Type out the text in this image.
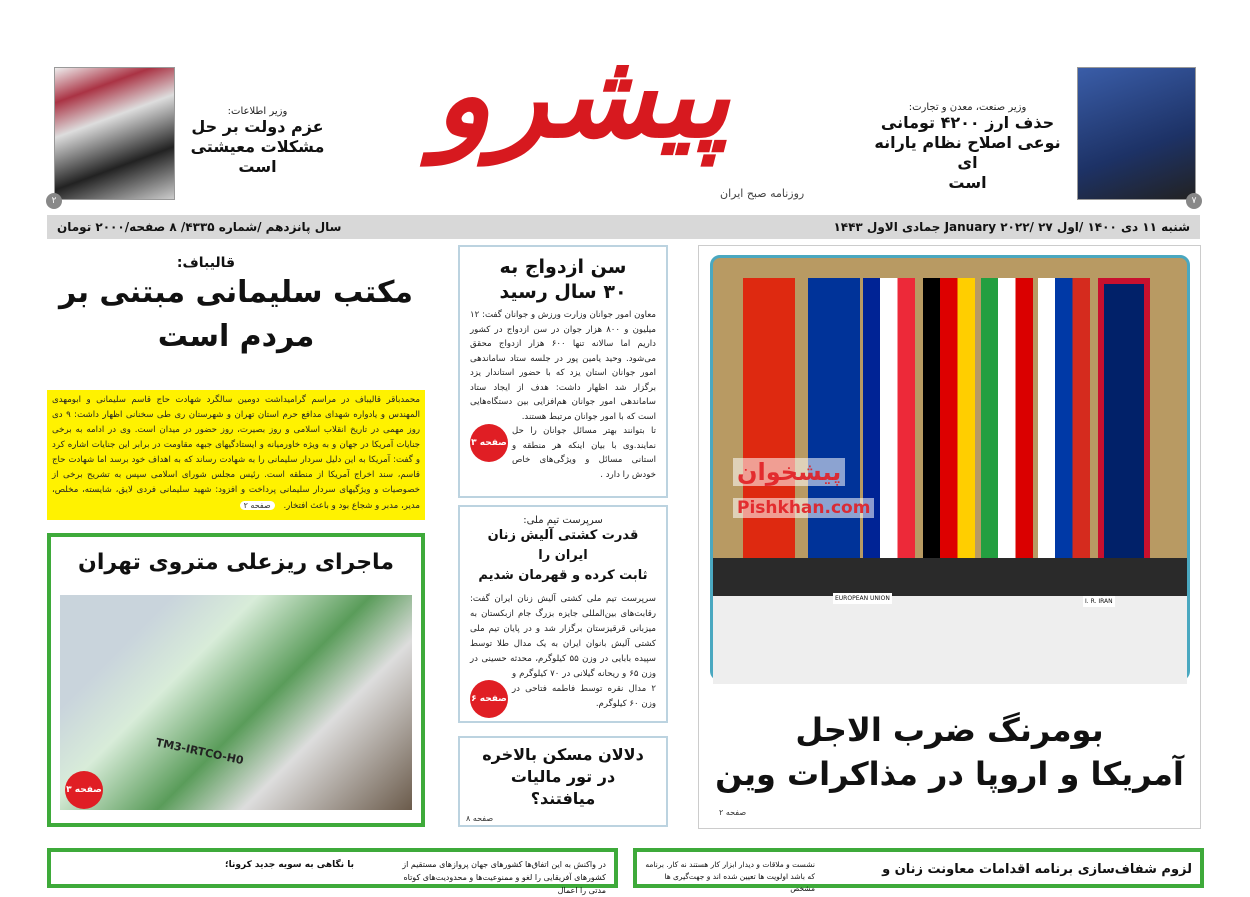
پیشرو
روزنامه صبح ایران
۷
وزیر صنعت، معدن و تجارت:
حذف ارز ۴۲۰۰ تومانی
نوعی اصلاح نظام یارانه ای
است
۲
وزیر اطلاعات:
عزم دولت بر حل
مشکلات معیشتی
است
شنبه ۱۱ دی ۱۴۰۰ /اول January ۲۰۲۲/ ۲۷ جمادی الاول ۱۴۴۳
سال پانزدهم /شماره ۴۳۳۵/ ۸ صفحه/۲۰۰۰ تومان
EUROPEAN UNION	I. R. IRAN
پیشخوان
Pishkhan.com
بومرنگ ضرب الاجل
آمریکا و اروپا در مذاکرات وین
صفحه ۲
سن ازدواج به
۳۰ سال رسید
معاون امور جوانان وزارت ورزش و جوانان گفت: ۱۲ میلیون و ۸۰۰ هزار جوان در سن ازدواج در کشور داریم اما سالانه تنها ۶۰۰ هزار ازدواج محقق می‌شود. وحید یامین پور در جلسه ستاد ساماندهی امور جوانان استان یزد که با حضور استاندار یزد برگزار شد اظهار داشت: هدف از ایجاد ستاد ساماندهی امور جوانان هم‌افزایی بین دستگاه‌هایی است که با امور جوانان مرتبط هستند.
صفحه ۳
تا بتوانند بهتر مسائل جوانان را حل نمایند.وی با بیان اینکه هر منطقه و استانی مسائل و ویژگی‌های خاص خودش را دارد .
سرپرست تیم ملی:
قدرت کشتی آلیش زنان ایران را
ثابت کرده و قهرمان شدیم
صفحه ۶
سرپرست تیم ملی کشتی آلیش زنان ایران گفت: رقابت‌های بین‌المللی جایزه بزرگ جام ازبکستان به میزبانی قرقیزستان برگزار شد و در پایان تیم ملی کشتی آلیش بانوان ایران به یک مدال طلا توسط سپیده بابایی در وزن ۵۵ کیلوگرم، محدثه حسینی در وزن ۶۵ و ریحانه گیلانی در ۷۰ کیلوگرم و ۲ مدال نقره توسط فاطمه فتاحی در وزن ۶۰ کیلوگرم.
دلالان مسکن بالاخره
در تور مالیات
میافتند؟
صفحه ۸
قالیباف:
مکتب سلیمانی مبتنی بر
مردم است
محمدباقر قالیباف در مراسم گرامیداشت دومین سالگرد شهادت حاج قاسم سلیمانی و ابومهدی المهندس و یادواره شهدای مدافع حرم استان تهران و شهرستان ری طی سخنانی اظهار داشت: ۹ دی روز مهمی در تاریخ انقلاب اسلامی و روز بصیرت، روز حضور در میدان است. وی در ادامه به برخی جنایات آمریکا در جهان و به ویژه خاورمیانه و ایستادگیهای جبهه مقاومت در برابر این جنایات اشاره کرد و گفت: آمریکا به این دلیل سردار سلیمانی را به شهادت رساند که به اهداف خود برسد اما شهادت حاج قاسم، سند اخراج آمریکا از منطقه است. رئیس مجلس شورای اسلامی سپس به تشریح برخی از خصوصیات و ویژگیهای سردار سلیمانی پرداخت و افزود: شهید سلیمانی فردی لایق، شایسته، مخلص، مدیر، مدبر و شجاع بود و باعث افتخار. صفحه ۲
ماجرای ریزعلی متروی تهران
TM3-IRTCO-H0
صفحه ۳
با نگاهی به سویه جدید کرونا؛	در واکنش به این اتفاق‌ها کشورهای جهان پروازهای مستقیم از کشورهای آفریقایی را لغو و ممنوعیت‌ها و محدودیت‌های کوتاه مدتی را اعمال
لزوم شفاف‌سازی برنامه اقدامات معاونت زنان و
نشست و ملاقات و دیدار ابزار کار هستند نه کار. برنامه که باشد اولویت ها تعیین شده اند و جهت‌گیری ها مشخص
